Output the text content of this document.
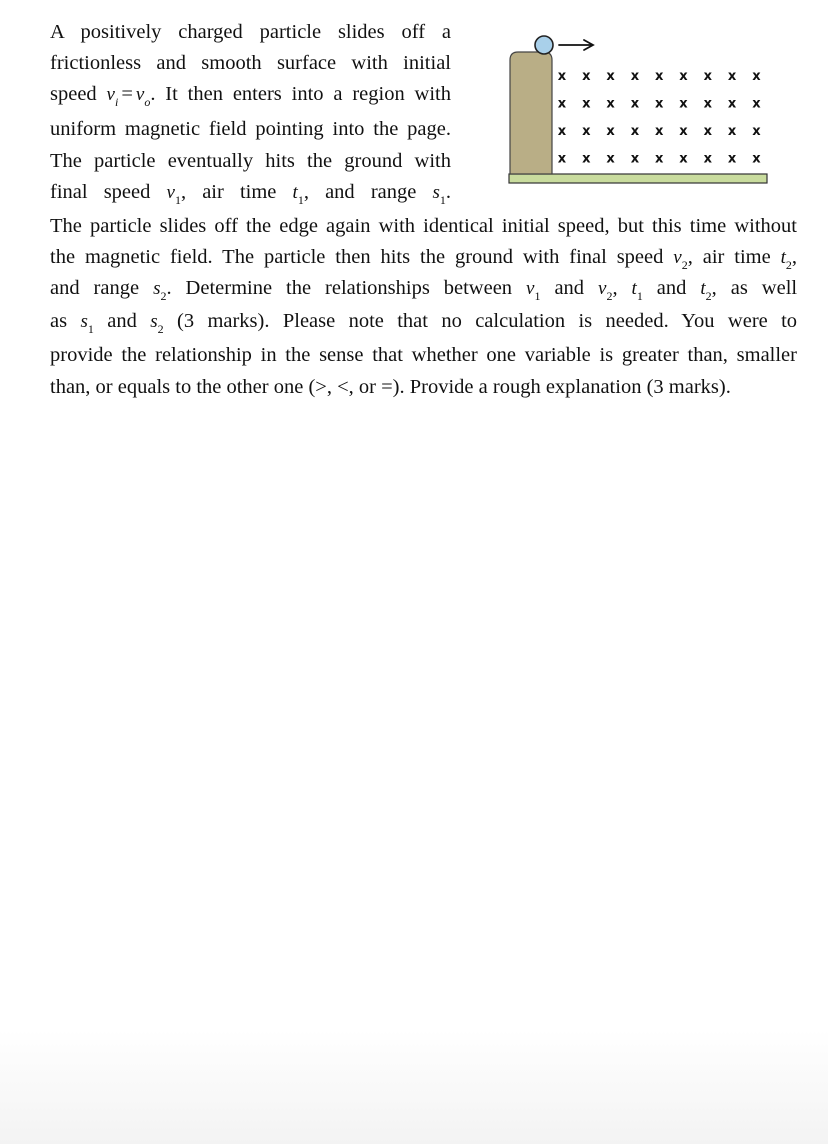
A positively charged particle slides off a
frictionless and smooth surface with initial
speed $v_i = v_o$. It then enters into a region with
uniform magnetic field pointing into the page.
The particle eventually hits the ground with
final speed $v_1$, air time $t_1$, and range $s_1$.
The particle slides off the edge again with identical initial speed, but this time without
the magnetic field. The particle then hits the ground with final speed $v_2$, air time $t_2$,
and range $s_2$. Determine the relationships between $v_1$ and $v_2$, $t_1$ and $t_2$, as well
as $s_1$ and $s_2$ (3 marks). Please note that no calculation is needed. You were to
provide the relationship in the sense that whether one variable is greater than, smaller
than, or equals to the other one (>, <, or =). Provide a rough explanation (3 marks).
x x x x x x x x x
x x x x x x x x x
x x x x x x x x x
x x x x x x x x x
